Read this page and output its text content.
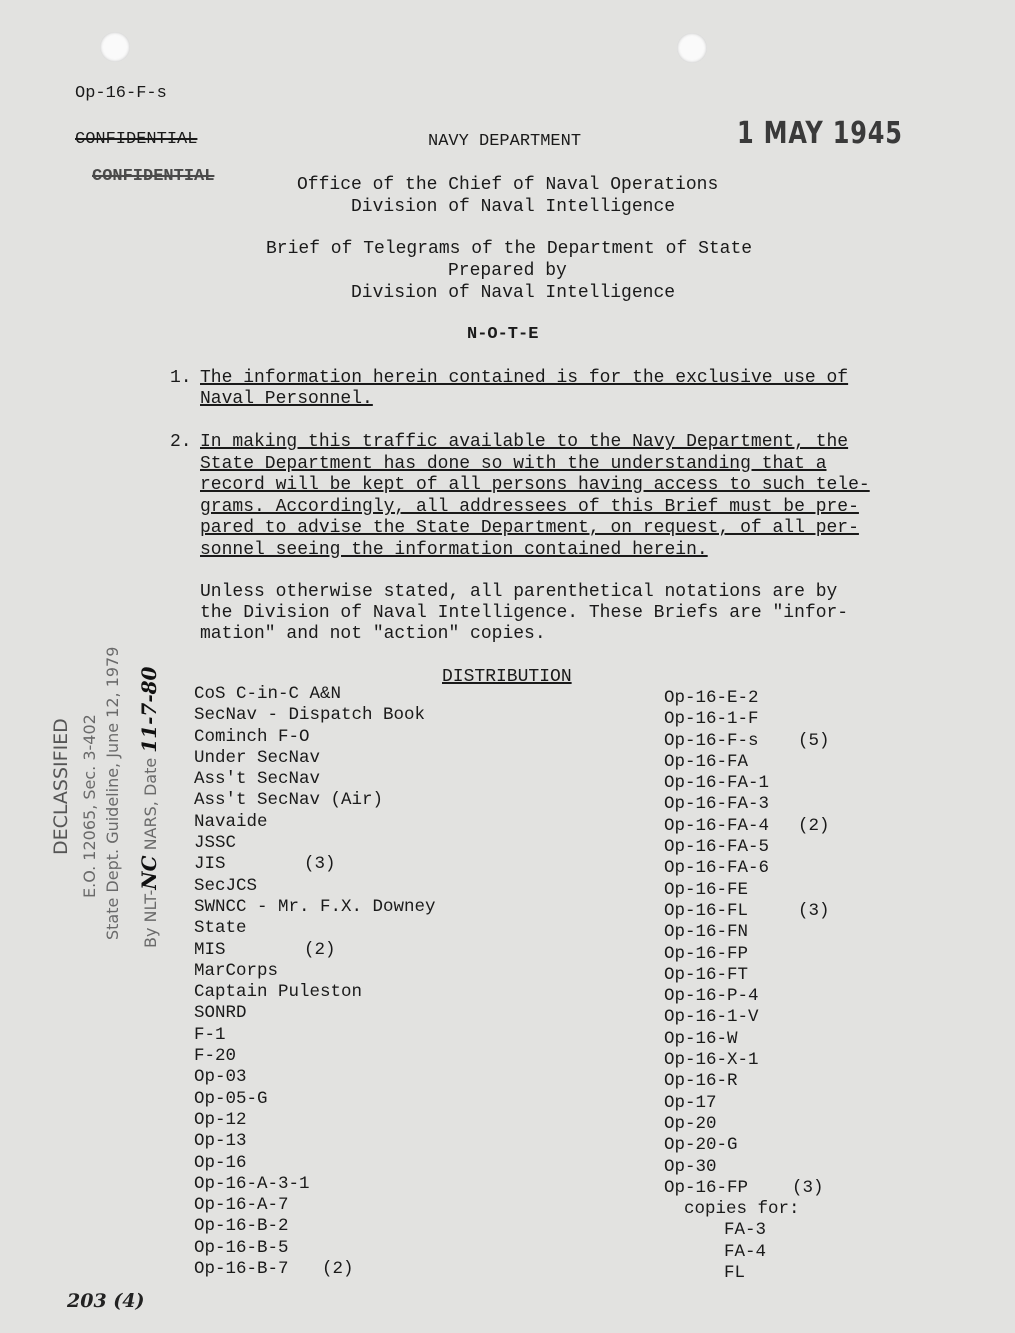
Op-16-F-s
CONFIDENTIAL
CONFIDENTIAL
NAVY DEPARTMENT	1 MAY 1945
Office of the Chief of Naval Operations
Division of Naval Intelligence
Brief of Telegrams of the Department of State
Prepared by
Division of Naval Intelligence
N-O-T-E
1. The information herein contained is for the exclusive use of
Naval Personnel.
2. In making this traffic available to the Navy Department, the
State Department has done so with the understanding that a
record will be kept of all persons having access to such tele-
grams. Accordingly, all addressees of this Brief must be pre-
pared to advise the State Department, on request, of all per-
sonnel seeing the information contained herein.
Unless otherwise stated, all parenthetical notations are by
the Division of Naval Intelligence. These Briefs are "infor-
mation" and not "action" copies.
DISTRIBUTION
CoS C-in-C A&N
SecNav - Dispatch Book
Cominch F-O
Under SecNav
Ass't SecNav
Ass't SecNav (Air)
Navaide
JSSC
JIS	(3)
SecJCS
SWNCC - Mr. F.X. Downey
State
MIS	(2)
MarCorps
Captain Puleston
SONRD
F-1
F-20
Op-03
Op-05-G
Op-12
Op-13
Op-16
Op-16-A-3-1
Op-16-A-7
Op-16-B-2
Op-16-B-5
Op-16-B-7 (2)
Op-16-E-2
Op-16-1-F
Op-16-F-s (5)
Op-16-FA
Op-16-FA-1
Op-16-FA-3
Op-16-FA-4 (2)
Op-16-FA-5
Op-16-FA-6
Op-16-FE
Op-16-FL	(3)
Op-16-FN
Op-16-FP
Op-16-FT
Op-16-P-4
Op-16-1-V
Op-16-W
Op-16-X-1
Op-16-R
Op-17
Op-20
Op-20-G
Op-30
Op-16-FP	(3)
copies for:
FA-3
FA-4
FL
DECLASSIFIED E.O. 12065, Sec. 3-402 State Dept. Guideline, June 12, 1979 By NLT-NC NARS, Date 11-7-80
203 (4)
